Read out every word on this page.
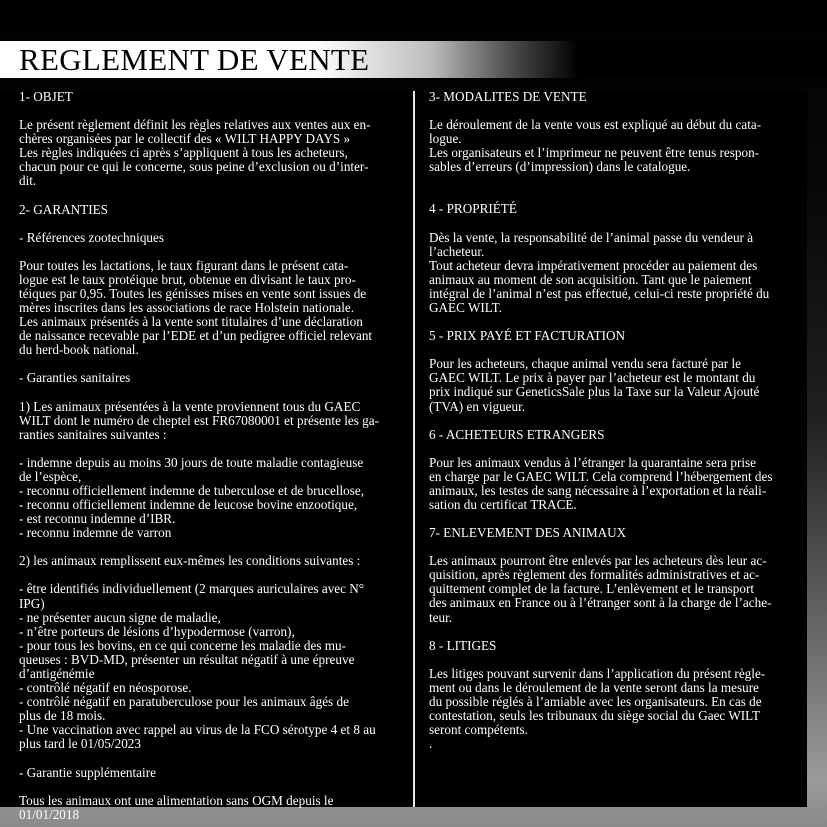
REGLEMENT DE VENTE

1- OBJET

Le présent règlement définit les règles relatives aux ventes aux en-
chères organisées par le collectif des « WILT HAPPY DAYS »
Les règles indiquées ci après s’appliquent à tous les acheteurs,
chacun pour ce qui le concerne, sous peine d’exclusion ou d’inter-
dit.

2- GARANTIES

- Références zootechniques

Pour toutes les lactations, le taux figurant dans le présent cata-
logue est le taux protéique brut, obtenue en divisant le taux pro-
téiques par 0,95. Toutes les génisses mises en vente sont issues de
mères inscrites dans les associations de race Holstein nationale.
Les animaux présentés à la vente sont titulaires d’une déclaration
de naissance recevable par l’EDE et d’un pedigree officiel relevant
du herd-book national.

- Garanties sanitaires

1) Les animaux présentées à la vente proviennent tous du GAEC
WILT dont le numéro de cheptel est FR67080001 et présente les ga-
ranties sanitaires suivantes :

- indemne depuis au moins 30 jours de toute maladie contagieuse
de l’espèce,
- reconnu officiellement indemne de tuberculose et de brucellose,
- reconnu officiellement indemne de leucose bovine enzootique,
- est reconnu indemne d’IBR.
- reconnu indemne de varron

2) les animaux remplissent eux-mêmes les conditions suivantes :

- être identifiés individuellement (2 marques auriculaires avec N°
IPG)
- ne présenter aucun signe de maladie,
- n’être porteurs de lésions d’hypodermose (varron),
- pour tous les bovins, en ce qui concerne les maladie des mu-
queuses : BVD-MD, présenter un résultat négatif à une épreuve
d’antigénémie
- contrôlé négatif en néosporose.
- contrôlé négatif en paratuberculose pour les animaux âgés de
plus de 18 mois.
- Une vaccination avec rappel au virus de la FCO sérotype 4 et 8 au
plus tard le 01/05/2023

- Garantie supplémentaire

Tous les animaux ont une alimentation sans OGM depuis le
01/01/2018

3- MODALITES DE VENTE

Le déroulement de la vente vous est expliqué au début du cata-
logue.
Les organisateurs et l’imprimeur ne peuvent être tenus respon-
sables d’erreurs (d’impression) dans le catalogue.

4 - PROPRIÉTÉ

Dès la vente, la responsabilité de l’animal passe du vendeur à
l’acheteur.
Tout acheteur devra impérativement procéder au paiement des
animaux au moment de son acquisition. Tant que le paiement
intégral de l’animal n’est pas effectué, celui-ci reste propriété du
GAEC WILT.

5 - PRIX PAYÉ ET FACTURATION

Pour les acheteurs, chaque animal vendu sera facturé par le
GAEC WILT. Le prix à payer par l’acheteur est le montant du
prix indiqué sur GeneticsSale plus la Taxe sur la Valeur Ajouté
(TVA) en vigueur.

6 - ACHETEURS ETRANGERS

Pour les animaux vendus à l’étranger la quarantaine sera prise
en charge par le GAEC WILT. Cela comprend l’hébergement des
animaux, les testes de sang nécessaire à l’exportation et la réali-
sation du certificat TRACE.

7- ENLEVEMENT DES ANIMAUX

Les animaux pourront être enlevés par les acheteurs dès leur ac-
quisition, après règlement des formalités administratives et ac-
quittement complet de la facture. L’enlèvement et le transport
des animaux en France ou à l’étranger sont à la charge de l’ache-
teur.

8 - LITIGES

Les litiges pouvant survenir dans l’application du présent règle-
ment ou dans le déroulement de la vente seront dans la mesure
du possible réglés à l’amiable avec les organisateurs. En cas de
contestation, seuls les tribunaux du siège social du Gaec WILT
seront compétents.
.
